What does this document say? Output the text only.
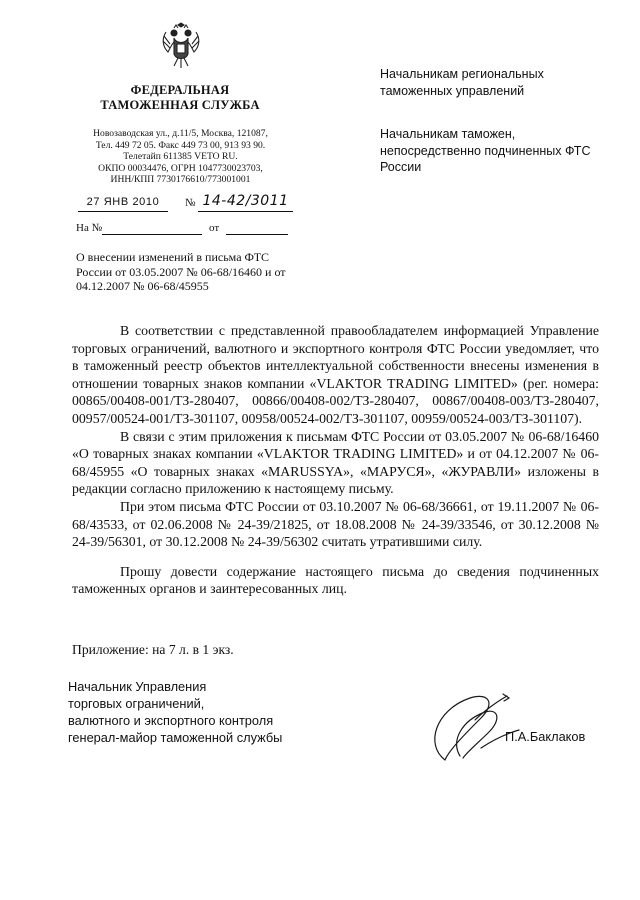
ФЕДЕРАЛЬНАЯ
ТАМОЖЕННАЯ СЛУЖБА
Новозаводская ул., д.11/5, Москва, 121087,
Тел. 449 72 05. Факс 449 73 00, 913 93 90.
Телетайп 611385 VETO RU.
ОКПО 00034476, ОГРН 1047730023703,
ИНН/КПП 7730176610/773001001
27 ЯНВ 2010	№ 14-42/3011
На №	от
О внесении изменений в письма ФТС России от 03.05.2007 № 06-68/16460 и от 04.12.2007 № 06-68/45955
Начальникам региональных таможенных управлений
Начальникам таможен, непосредственно подчиненных ФТС России

В соответствии с представленной правообладателем информацией Управление торговых ограничений, валютного и экспортного контроля ФТС России уведомляет, что в таможенный реестр объектов интеллектуальной собственности внесены изменения в отношении товарных знаков компании «VLAKTOR TRADING LIMITED» (рег. номера: 00865/00408-001/ТЗ-280407, 00866/00408-002/ТЗ-280407, 00867/00408-003/ТЗ-280407, 00957/00524-001/ТЗ-301107, 00958/00524-002/ТЗ-301107, 00959/00524-003/ТЗ-301107).

В связи с этим приложения к письмам ФТС России от 03.05.2007 № 06-68/16460 «О товарных знаках компании «VLAKTOR TRADING LIMITED» и от 04.12.2007 № 06-68/45955 «О товарных знаках «MARUSSYA», «МАРУСЯ», «ЖУРАВЛИ» изложены в редакции согласно приложению к настоящему письму.

При этом письма ФТС России от 03.10.2007 № 06-68/36661, от 19.11.2007 № 06-68/43533, от 02.06.2008 № 24-39/21825, от 18.08.2008 № 24-39/33546, от 30.12.2008 № 24-39/56301, от 30.12.2008 № 24-39/56302 считать утратившими силу.

Прошу довести содержание настоящего письма до сведения подчиненных таможенных органов и заинтересованных лиц.

Приложение: на 7 л. в 1 экз.
Начальник Управления
торговых ограничений,
валютного и экспортного контроля
генерал-майор таможенной службы	П.А.Баклаков
